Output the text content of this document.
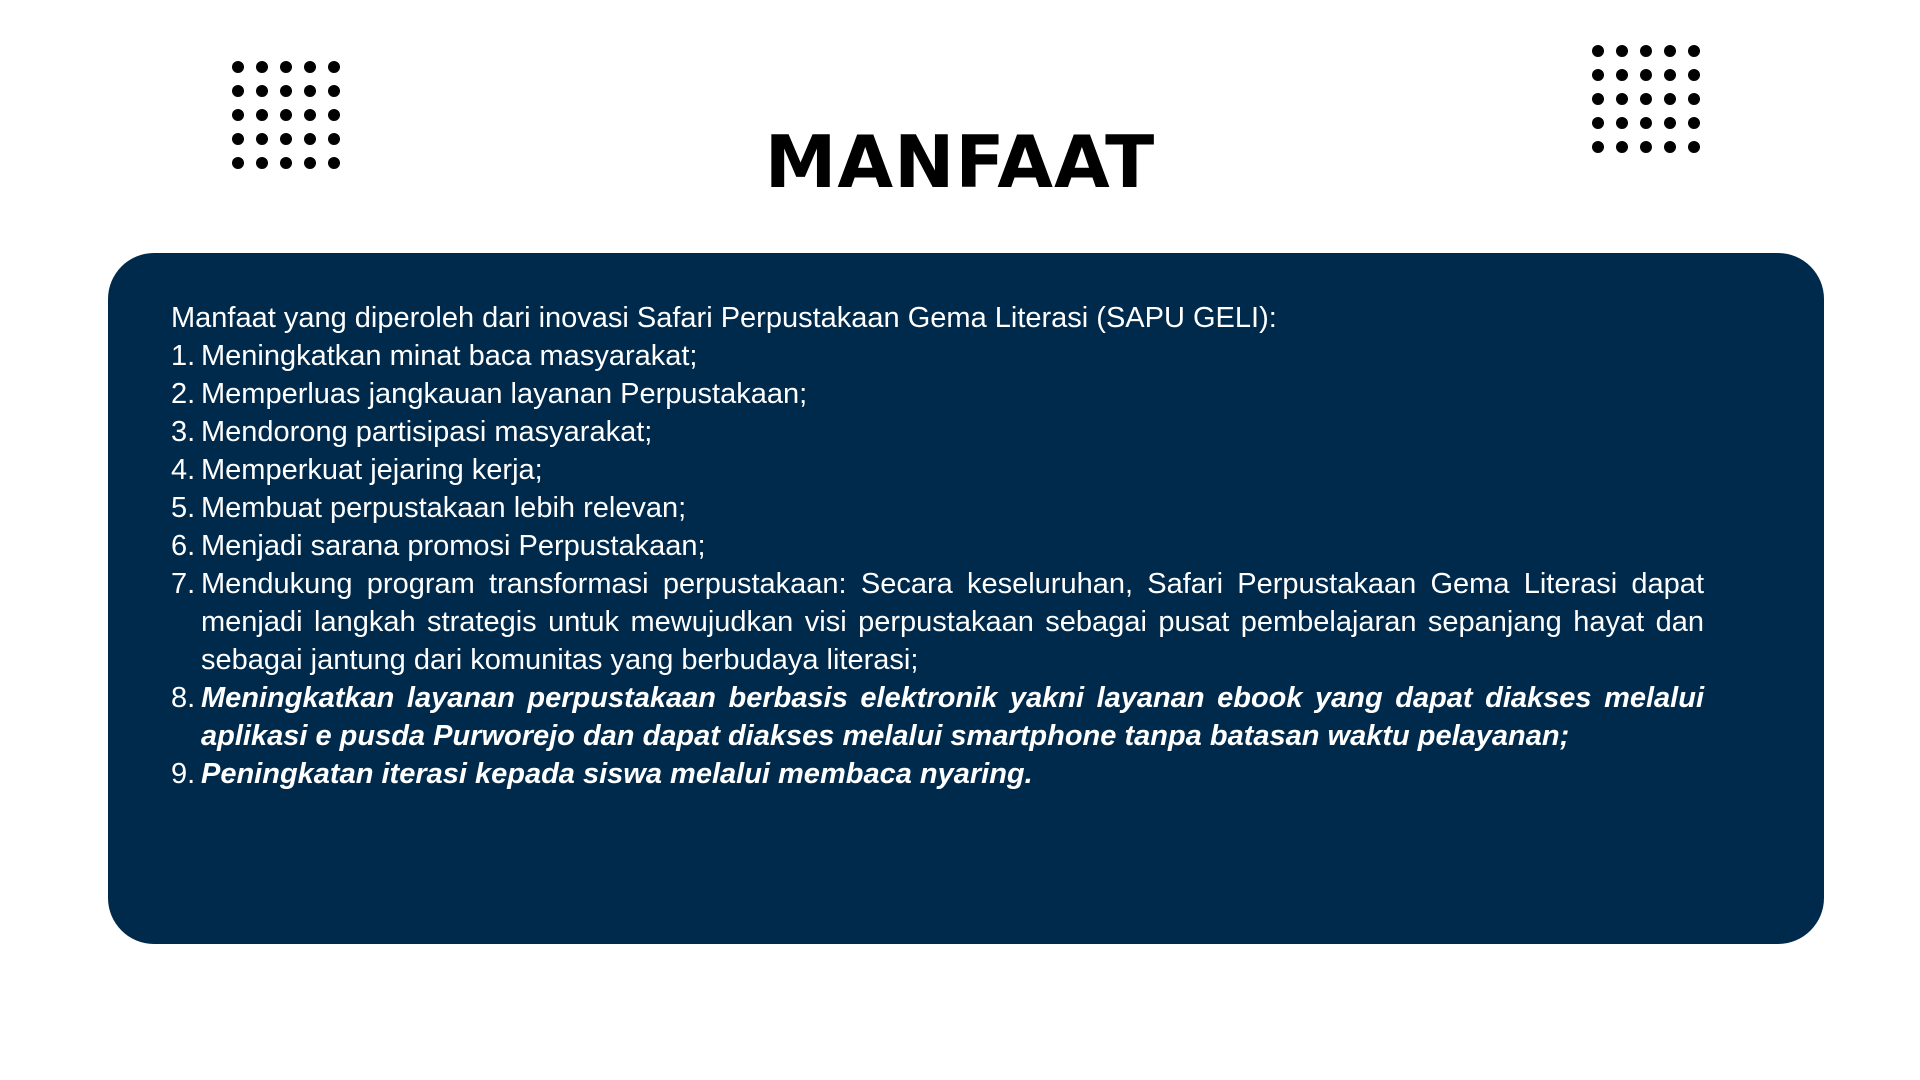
MANFAAT

Manfaat yang diperoleh dari inovasi Safari Perpustakaan Gema Literasi (SAPU GELI):

1. Meningkatkan minat baca masyarakat;
2. Memperluas jangkauan layanan Perpustakaan;
3. Mendorong partisipasi masyarakat;
4. Memperkuat jejaring kerja;
5. Membuat perpustakaan lebih relevan;
6. Menjadi sarana promosi Perpustakaan;
7. Mendukung program transformasi perpustakaan: Secara keseluruhan, Safari Perpustakaan Gema Literasi dapat menjadi langkah strategis untuk mewujudkan visi perpustakaan sebagai pusat pembelajaran sepanjang hayat dan sebagai jantung dari komunitas yang berbudaya literasi;
8. Meningkatkan layanan perpustakaan berbasis elektronik yakni layanan ebook yang dapat diakses melalui aplikasi e pusda Purworejo dan dapat diakses melalui smartphone tanpa batasan waktu pelayanan;
9. Peningkatan iterasi kepada siswa melalui membaca nyaring.
